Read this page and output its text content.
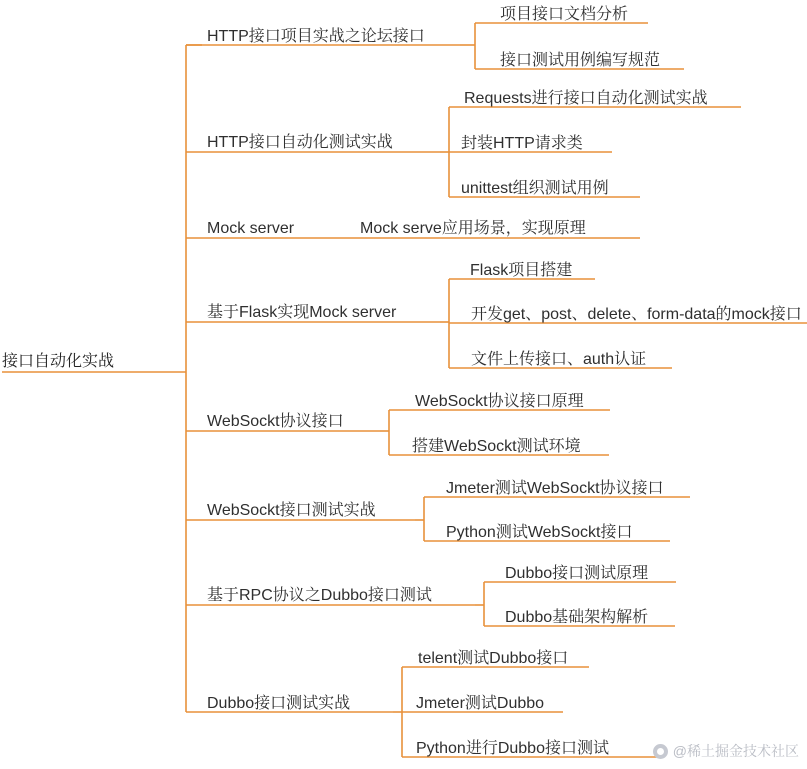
接口自动化实战
HTTP接口项目实战之论坛接口
项目接口文档分析
接口测试用例编写规范
HTTP接口自动化测试实战
Requests进行接口自动化测试实战
封装HTTP请求类
unittest组织测试用例
Mock server	Mock serve应用场景，实现原理
基于Flask实现Mock server
Flask项目搭建
开发get、post、delete、form-data的mock接口
文件上传接口、auth认证
WebSockt协议接口
WebSockt协议接口原理
搭建WebSockt测试环境
WebSockt接口测试实战
Jmeter测试WebSockt协议接口
Python测试WebSockt接口
基于RPC协议之Dubbo接口测试
Dubbo接口测试原理
Dubbo基础架构解析
Dubbo接口测试实战
telent测试Dubbo接口
Jmeter测试Dubbo
Python进行Dubbo接口测试	@稀土掘金技术社区
